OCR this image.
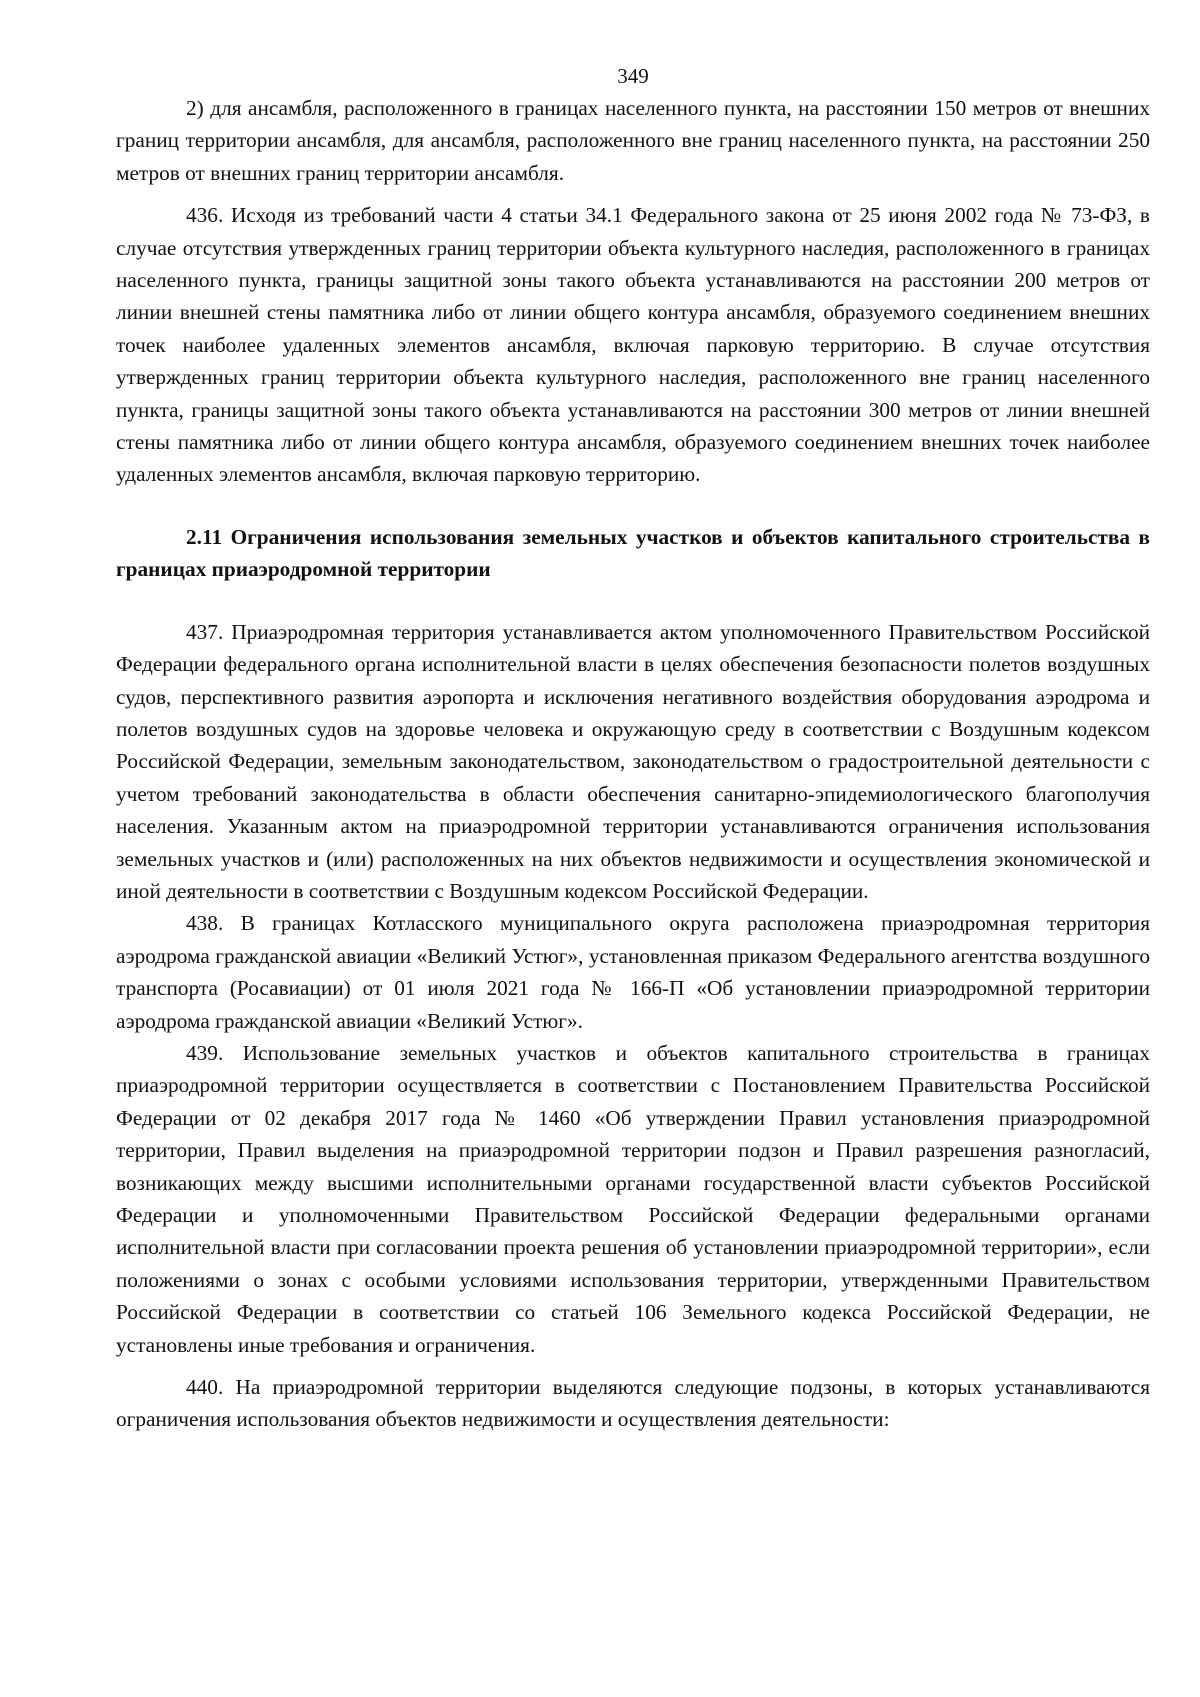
349

2) для ансамбля, расположенного в границах населенного пункта, на расстоянии 150 метров от внешних границ территории ансамбля, для ансамбля, расположенного вне границ населенного пункта, на расстоянии 250 метров от внешних границ территории ансамбля.

436. Исходя из требований части 4 статьи 34.1 Федерального закона от 25 июня 2002 года № 73-ФЗ, в случае отсутствия утвержденных границ территории объекта культурного наследия, расположенного в границах населенного пункта, границы защитной зоны такого объекта устанавливаются на расстоянии 200 метров от линии внешней стены памятника либо от линии общего контура ансамбля, образуемого соединением внешних точек наиболее удаленных элементов ансамбля, включая парковую территорию. В случае отсутствия утвержденных границ территории объекта культурного наследия, расположенного вне границ населенного пункта, границы защитной зоны такого объекта устанавливаются на расстоянии 300 метров от линии внешней стены памятника либо от линии общего контура ансамбля, образуемого соединением внешних точек наиболее удаленных элементов ансамбля, включая парковую территорию.

2.11 Ограничения использования земельных участков и объектов капитального строительства в границах приаэродромной территории

437. Приаэродромная территория устанавливается актом уполномоченного Правительством Российской Федерации федерального органа исполнительной власти в целях обеспечения безопасности полетов воздушных судов, перспективного развития аэропорта и исключения негативного воздействия оборудования аэродрома и полетов воздушных судов на здоровье человека и окружающую среду в соответствии с Воздушным кодексом Российской Федерации, земельным законодательством, законодательством о градостроительной деятельности с учетом требований законодательства в области обеспечения санитарно-эпидемиологического благополучия населения. Указанным актом на приаэродромной территории устанавливаются ограничения использования земельных участков и (или) расположенных на них объектов недвижимости и осуществления экономической и иной деятельности в соответствии с Воздушным кодексом Российской Федерации.

438. В границах Котласского муниципального округа расположена приаэродромная территория аэродрома гражданской авиации «Великий Устюг», установленная приказом Федерального агентства воздушного транспорта (Росавиации) от 01 июля 2021 года № 166-П «Об установлении приаэродромной территории аэродрома гражданской авиации «Великий Устюг».

439. Использование земельных участков и объектов капитального строительства в границах приаэродромной территории осуществляется в соответствии с Постановлением Правительства Российской Федерации от 02 декабря 2017 года № 1460 «Об утверждении Правил установления приаэродромной территории, Правил выделения на приаэродромной территории подзон и Правил разрешения разногласий, возникающих между высшими исполнительными органами государственной власти субъектов Российской Федерации и уполномоченными Правительством Российской Федерации федеральными органами исполнительной власти при согласовании проекта решения об установлении приаэродромной территории», если положениями о зонах с особыми условиями использования территории, утвержденными Правительством Российской Федерации в соответствии со статьей 106 Земельного кодекса Российской Федерации, не установлены иные требования и ограничения.

440. На приаэродромной территории выделяются следующие подзоны, в которых устанавливаются ограничения использования объектов недвижимости и осуществления деятельности:
